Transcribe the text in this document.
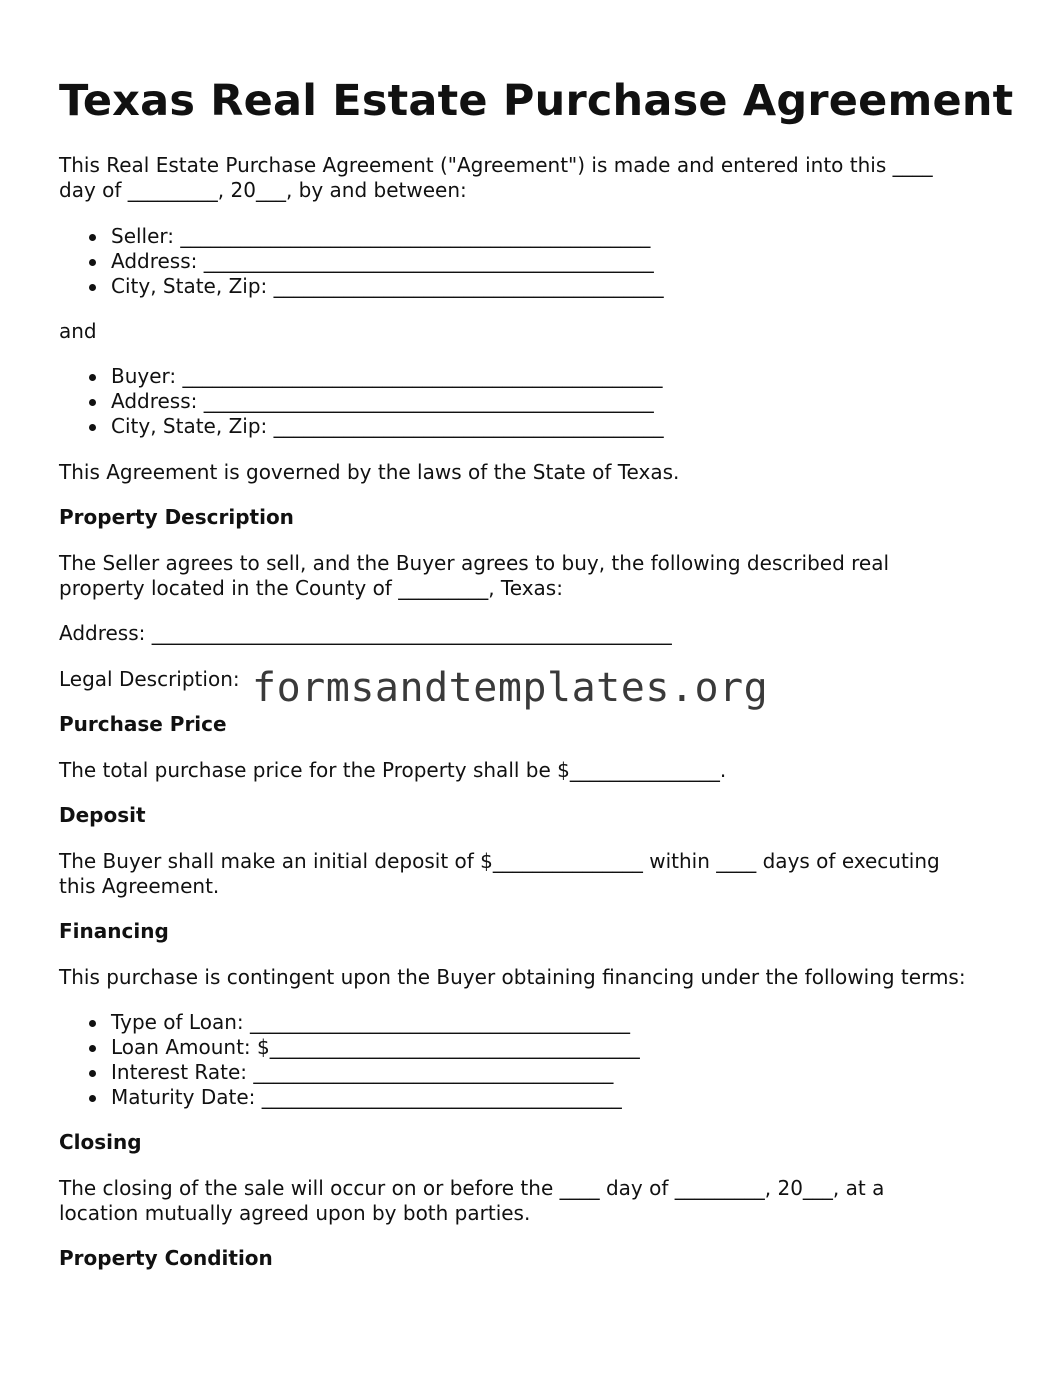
Texas Real Estate Purchase Agreement

This Real Estate Purchase Agreement ("Agreement") is made and entered into this ____

day of _________, 20___, by and between:

Seller: _______________________________________________
Address: _____________________________________________
City, State, Zip: _______________________________________

and

Buyer: ________________________________________________
Address: _____________________________________________
City, State, Zip: _______________________________________

This Agreement is governed by the laws of the State of Texas.

Property Description

The Seller agrees to sell, and the Buyer agrees to buy, the following described real

property located in the County of _________, Texas:

Address: ____________________________________________________

Legal Description:

Purchase Price

The total purchase price for the Property shall be $_______________.

Deposit

The Buyer shall make an initial deposit of $_______________ within ____ days of executing

this Agreement.

Financing

This purchase is contingent upon the Buyer obtaining financing under the following terms:

Type of Loan: ______________________________________
Loan Amount: $_____________________________________
Interest Rate: ____________________________________
Maturity Date: ____________________________________

Closing

The closing of the sale will occur on or before the ____ day of _________, 20___, at a

location mutually agreed upon by both parties.

Property Condition

formsandtemplates.org
